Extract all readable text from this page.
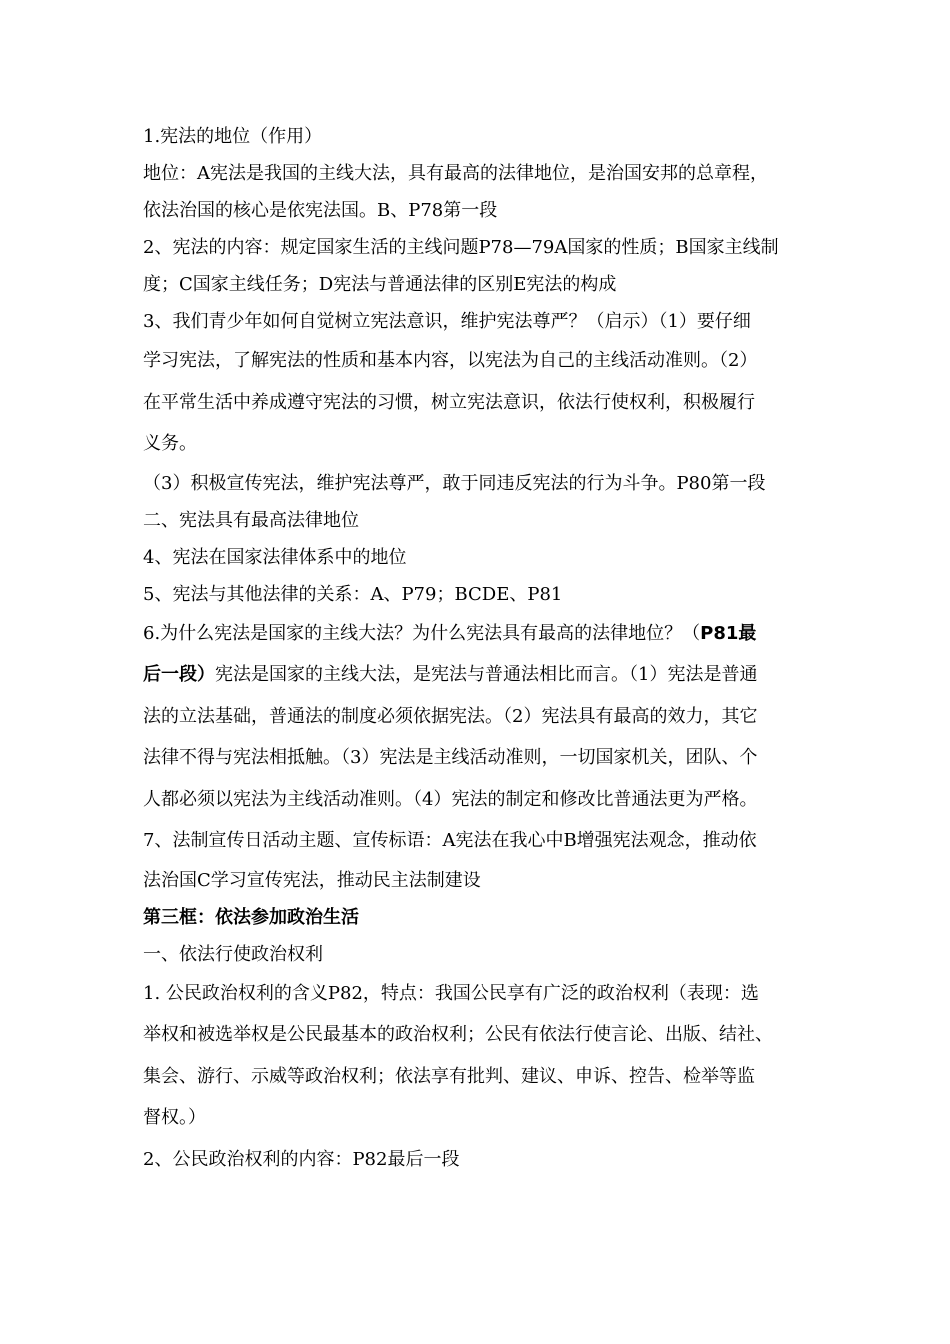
1.宪法的地位（作用）
地位：A宪法是我国的主线大法，具有最高的法律地位，是治国安邦的总章程，
依法治国的核心是依宪法国。B、P78第一段
2、宪法的内容：规定国家生活的主线问题P78—79A国家的性质；B国家主线制
度；C国家主线任务；D宪法与普通法律的区别E宪法的构成
3、我们青少年如何自觉树立宪法意识，维护宪法尊严？（启示）（1）要仔细
学习宪法，了解宪法的性质和基本内容，以宪法为自己的主线活动准则。（2）
在平常生活中养成遵守宪法的习惯，树立宪法意识，依法行使权利，积极履行
义务。
（3）积极宣传宪法，维护宪法尊严，敢于同违反宪法的行为斗争。P80第一段
二、宪法具有最高法律地位
4、宪法在国家法律体系中的地位
5、宪法与其他法律的关系：A、P79；BCDE、P81
6.为什么宪法是国家的主线大法？为什么宪法具有最高的法律地位？（P81最
后一段）宪法是国家的主线大法，是宪法与普通法相比而言。（1）宪法是普通
法的立法基础，普通法的制度必须依据宪法。（2）宪法具有最高的效力，其它
法律不得与宪法相抵触。（3）宪法是主线活动准则，一切国家机关，团队、个
人都必须以宪法为主线活动准则。（4）宪法的制定和修改比普通法更为严格。
7、法制宣传日活动主题、宣传标语：A宪法在我心中B增强宪法观念，推动依
法治国C学习宣传宪法，推动民主法制建设
第三框：依法参加政治生活
一、依法行使政治权利
1. 公民政治权利的含义P82，特点：我国公民享有广泛的政治权利（表现：选
举权和被选举权是公民最基本的政治权利；公民有依法行使言论、出版、结社、
集会、游行、示威等政治权利；依法享有批判、建议、申诉、控告、检举等监
督权。）
2、公民政治权利的内容：P82最后一段
